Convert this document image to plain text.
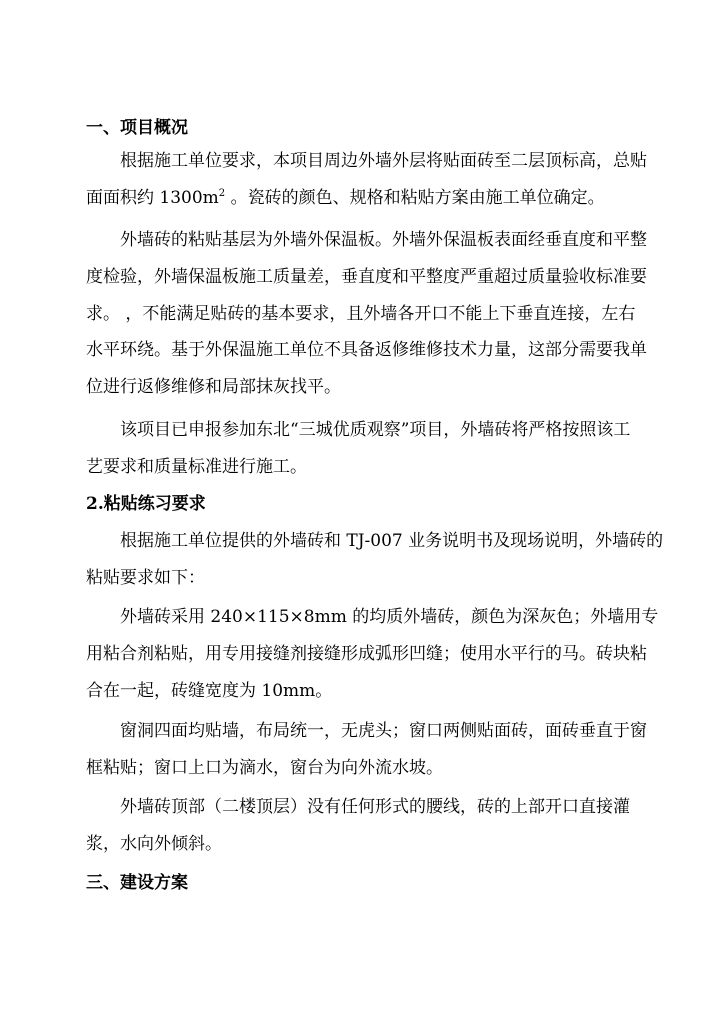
一、项目概况
根据施工单位要求，本项目周边外墙外层将贴面砖至二层顶标高，总贴
面面积约 $1300m^2$ 。瓷砖的颜色、规格和粘贴方案由施工单位确定。
外墙砖的粘贴基层为外墙外保温板。外墙外保温板表面经垂直度和平整
度检验，外墙保温板施工质量差，垂直度和平整度严重超过质量验收标准要
求。 ，不能满足贴砖的基本要求，且外墙各开口不能上下垂直连接，左右
水平环绕。基于外保温施工单位不具备返修维修技术力量，这部分需要我单
位进行返修维修和局部抹灰找平。
该项目已申报参加东北“三城优质观察”项目，外墙砖将严格按照该工
艺要求和质量标准进行施工。
2.粘贴练习要求
根据施工单位提供的外墙砖和 TJ-007 业务说明书及现场说明，外墙砖的
粘贴要求如下：
外墙砖采用 240×115×8mm 的均质外墙砖，颜色为深灰色；外墙用专
用粘合剂粘贴，用专用接缝剂接缝形成弧形凹缝；使用水平行的马。砖块粘
合在一起，砖缝宽度为 10mm。
窗洞四面均贴墙，布局统一，无虎头；窗口两侧贴面砖，面砖垂直于窗
框粘贴；窗口上口为滴水，窗台为向外流水坡。
外墙砖顶部（二楼顶层）没有任何形式的腰线，砖的上部开口直接灌
浆，水向外倾斜。
三、建设方案
